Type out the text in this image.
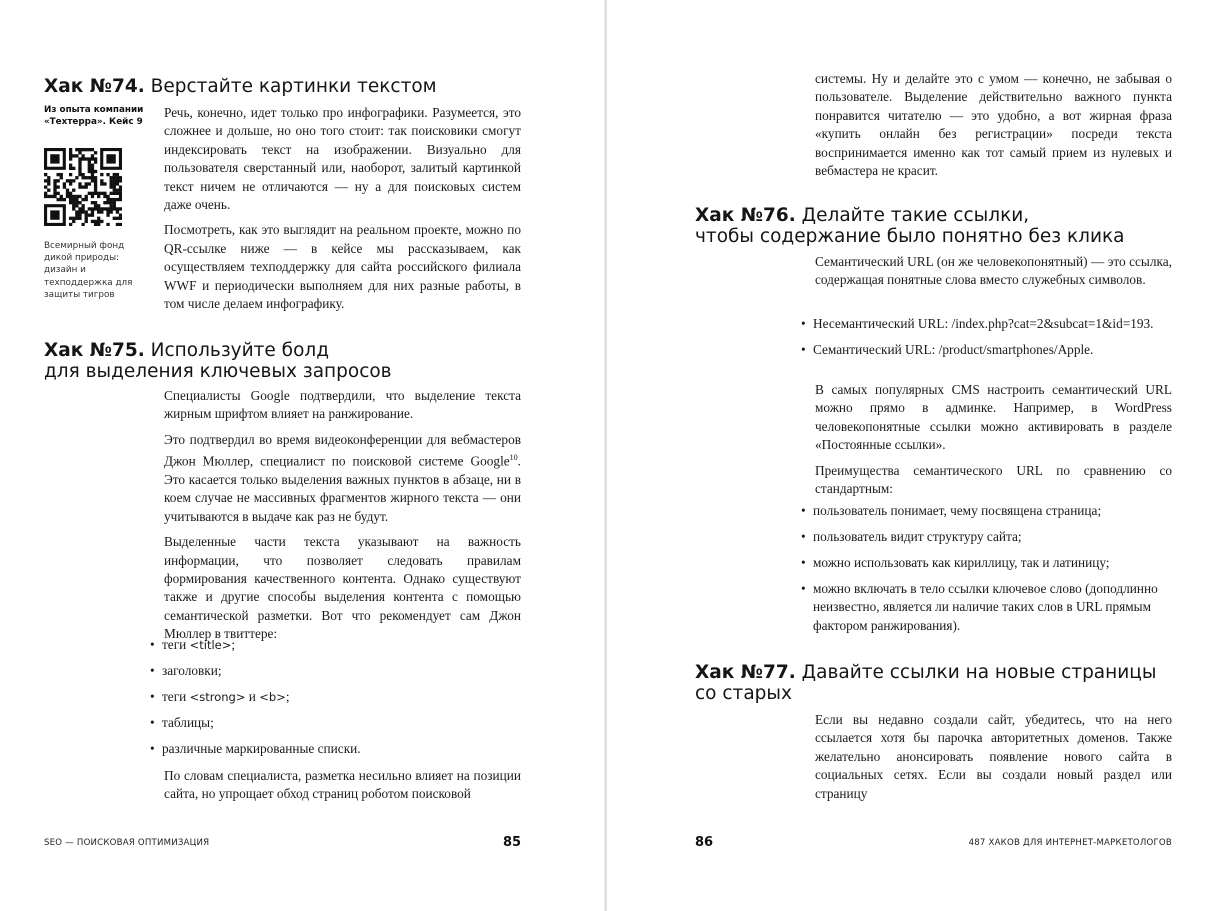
Хак №74. Верстайте картинки текстом
Из опыта компании «Техтерра». Кейс 9
Всемирный фонд дикой природы: дизайн и техподдержка для защиты тигров

Речь, конечно, идет только про инфографики. Разумеется, это сложнее и дольше, но оно того стоит: так поисковики смогут индексировать текст на изображении. Визуально для пользователя сверстанный или, наоборот, залитый картинкой текст ничем не отличаются — ну а для поисковых систем даже очень.

Посмотреть, как это выглядит на реальном проекте, можно по QR-ссылке ниже — в кейсе мы рассказываем, как осуществляем техподдержку для сайта российского филиала WWF и периодически выполняем для них разные работы, в том числе делаем инфографику.

Хак №75. Используйте болд
для выделения ключевых запросов

Специалисты Google подтвердили, что выделение текста жирным шрифтом влияет на ранжирование.

Это подтвердил во время видеоконференции для вебмастеров Джон Мюллер, специалист по поисковой системе Google$^{10}$. Это касается только выделения важных пунктов в абзаце, ни в коем случае не массивных фрагментов жирного текста — они учитываются в выдаче как раз не будут.

Выделенные части текста указывают на важность информации, что позволяет следовать правилам формирования качественного контента. Однако существуют также и другие способы выделения контента с помощью семантической разметки. Вот что рекомендует сам Джон Мюллер в твиттере:

• теги <title>;
• заголовки;
• теги <strong> и <b>;
• таблицы;
• различные маркированные списки.

По словам специалиста, разметка несильно влияет на позиции сайта, но упрощает обход страниц роботом поисковой

SEO — ПОИСКОВАЯ ОПТИМИЗАЦИЯ	85

системы. Ну и делайте это с умом — конечно, не забывая о пользователе. Выделение действительно важного пункта понравится читателю — это удобно, а вот жирная фраза «купить онлайн без регистрации» посреди текста воспринимается именно как тот самый прием из нулевых и вебмастера не красит.

Хак №76. Делайте такие ссылки,
чтобы содержание было понятно без клика

Семантический URL (он же человекопонятный) — это ссылка, содержащая понятные слова вместо служебных символов.

• Несемантический URL: /index.php?cat=2&subcat=1&id=193.
• Семантический URL: /product/smartphones/Apple.

В самых популярных CMS настроить семантический URL можно прямо в админке. Например, в WordPress человекопонятные ссылки можно активировать в разделе «Постоянные ссылки».

Преимущества семантического URL по сравнению со стандартным:

• пользователь понимает, чему посвящена страница;
• пользователь видит структуру сайта;
• можно использовать как кириллицу, так и латиницу;
• можно включать в тело ссылки ключевое слово (доподлинно неизвестно, является ли наличие таких слов в URL прямым фактором ранжирования).
Хак №77. Давайте ссылки на новые страницы
со старых

Если вы недавно создали сайт, убедитесь, что на него ссылается хотя бы парочка авторитетных доменов. Также желательно анонсировать появление нового сайта в социальных сетях. Если вы создали новый раздел или страницу

86	487 ХАКОВ ДЛЯ ИНТЕРНЕТ-МАРКЕТОЛОГОВ
